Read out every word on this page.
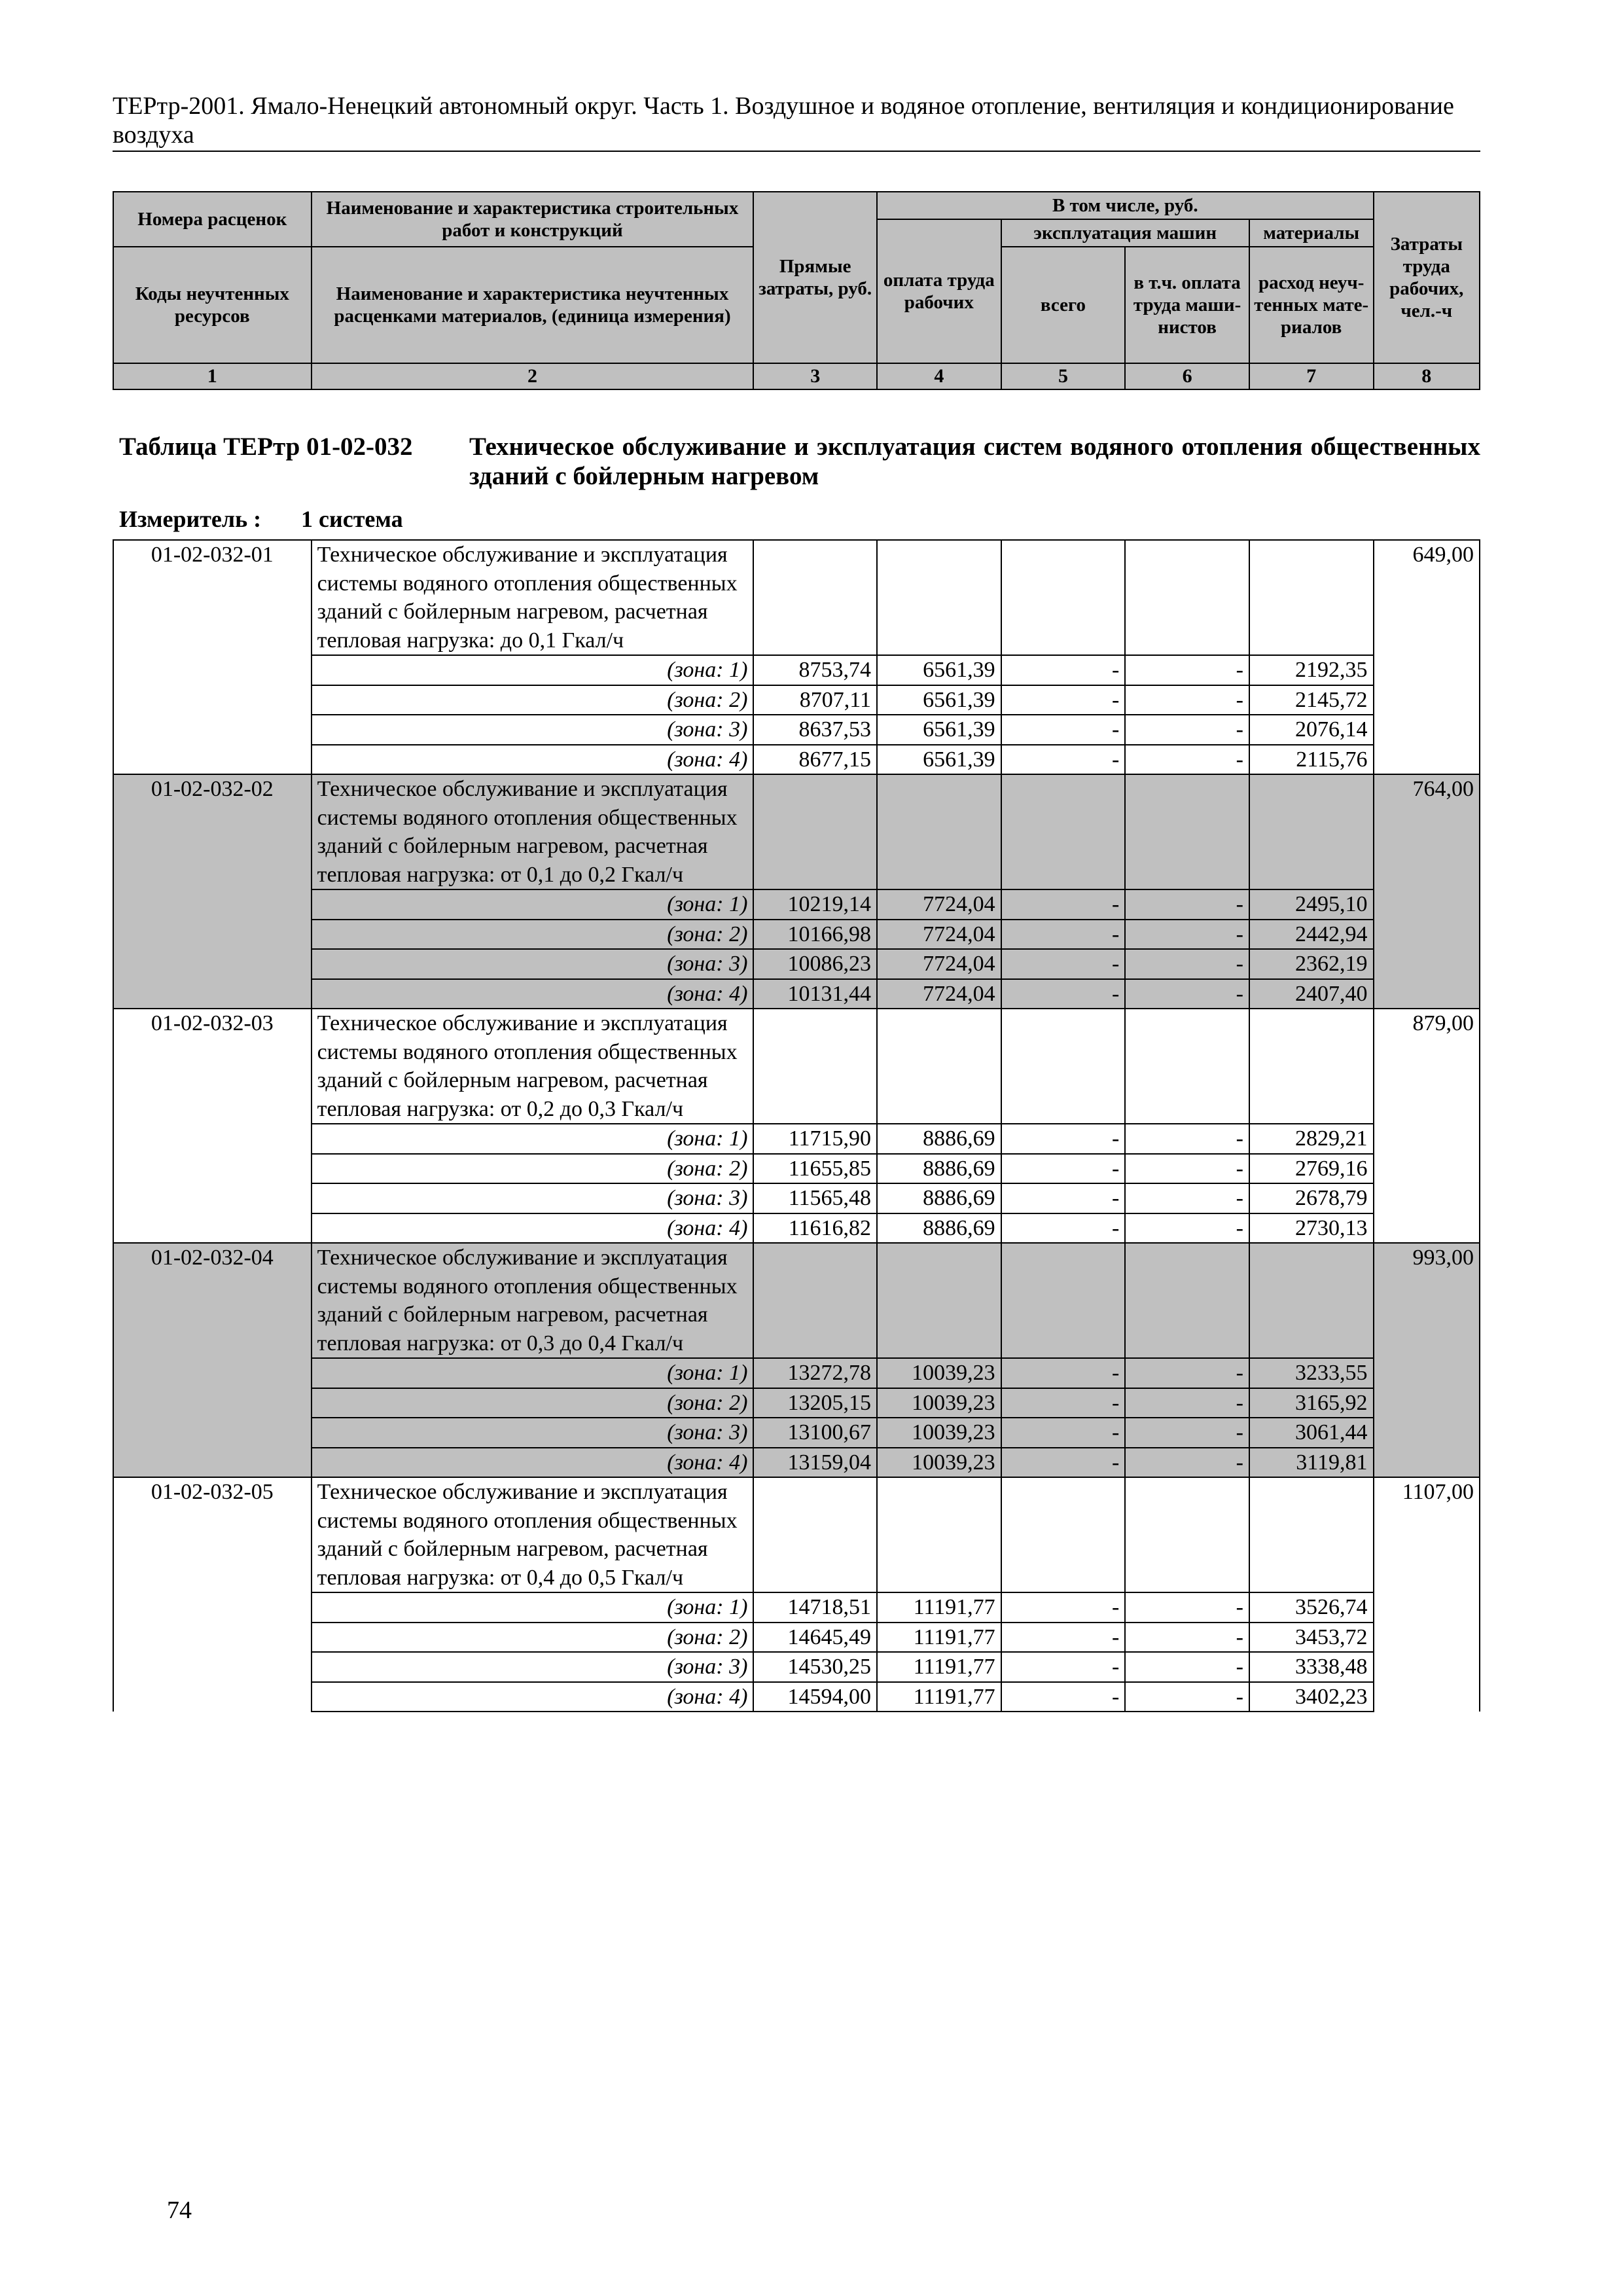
ТЕРтр-2001. Ямало-Ненецкий автономный округ. Часть 1. Воздушное и водяное отопление, вентиляция и кондиционирование воздуха
Номера расценок	Наименование и характеристика строительных работ и конструкций	Прямые затраты, руб.	В том числе, руб.				Затраты труда рабочих, чел.-ч
			оплата труда рабочих	эксплуатация машин		материалы	
Коды неучтенных ресурсов	Наименование и характеристика неучтенных расценками материалов, (единица измерения)			всего	в т.ч. оплата труда маши-нистов	расход неуч-тенных мате-риалов	

1	2	3	4	5	6	7	8
Таблица ТЕРтр 01-02-032 Техническое обслуживание и эксплуатация систем водяного отопления общественных зданий с бойлерным нагревом
Измеритель : 1 система
01-02-032-01	Техническое обслуживание и эксплуатация системы водяного отопления общественных зданий с бойлерным нагревом, расчетная тепловая нагрузка: до 0,1 Гкал/ч						649,00
	(зона: 1)	8753,74	6561,39	-	-	2192,35	
	(зона: 2)	8707,11	6561,39	-	-	2145,72	
	(зона: 3)	8637,53	6561,39	-	-	2076,14	
	(зона: 4)	8677,15	6561,39	-	-	2115,76	
01-02-032-02	Техническое обслуживание и эксплуатация системы водяного отопления общественных зданий с бойлерным нагревом, расчетная тепловая нагрузка: от 0,1 до 0,2 Гкал/ч						764,00
	(зона: 1)	10219,14	7724,04	-	-	2495,10	
	(зона: 2)	10166,98	7724,04	-	-	2442,94	
	(зона: 3)	10086,23	7724,04	-	-	2362,19	
	(зона: 4)	10131,44	7724,04	-	-	2407,40	
01-02-032-03	Техническое обслуживание и эксплуатация системы водяного отопления общественных зданий с бойлерным нагревом, расчетная тепловая нагрузка: от 0,2 до 0,3 Гкал/ч						879,00
	(зона: 1)	11715,90	8886,69	-	-	2829,21	
	(зона: 2)	11655,85	8886,69	-	-	2769,16	
	(зона: 3)	11565,48	8886,69	-	-	2678,79	
	(зона: 4)	11616,82	8886,69	-	-	2730,13	
01-02-032-04	Техническое обслуживание и эксплуатация системы водяного отопления общественных зданий с бойлерным нагревом, расчетная тепловая нагрузка: от 0,3 до 0,4 Гкал/ч						993,00
	(зона: 1)	13272,78	10039,23	-	-	3233,55	
	(зона: 2)	13205,15	10039,23	-	-	3165,92	
	(зона: 3)	13100,67	10039,23	-	-	3061,44	
	(зона: 4)	13159,04	10039,23	-	-	3119,81	
01-02-032-05	Техническое обслуживание и эксплуатация системы водяного отопления общественных зданий с бойлерным нагревом, расчетная тепловая нагрузка: от 0,4 до 0,5 Гкал/ч						1107,00
	(зона: 1)	14718,51	11191,77	-	-	3526,74	
	(зона: 2)	14645,49	11191,77	-	-	3453,72	
	(зона: 3)	14530,25	11191,77	-	-	3338,48	
	(зона: 4)	14594,00	11191,77	-	-	3402,23	
74
